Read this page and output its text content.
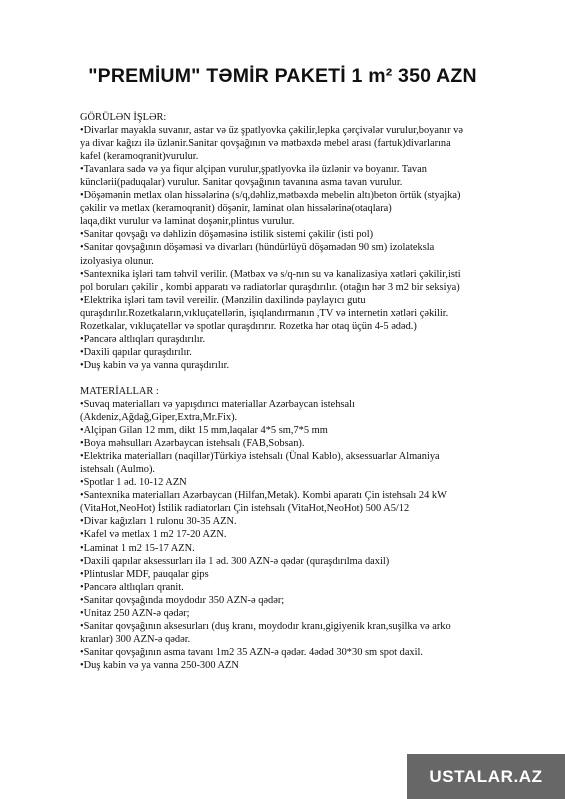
"PREMİUM" TƏMİR PAKETİ 1 m² 350 AZN

GÖRÜLƏN İŞLƏR:

•Divarlar mayakla suvanır, astar və üz şpatlyovka çəkilir,lepka çərçivələr vurulur,boyanır və

ya divar kağızı ilə üzlənir.Sanitar qovşağının və mətbəxdə mebel arası (fartuk)divarlarına

kafel (keramoqranit)vurulur.

•Tavanlara sadə və ya fiqur alçipan vurulur,şpatlyovka ilə üzlənir və boyanır. Tavan

künclərii(paduqalar) vurulur. Sanitar qovşağının tavanına asma tavan vurulur.

•Döşəmənin metlax olan hissələrinə (s/q,dəhliz,mətbəxdə mebelin altı)beton örtük (styajka)

çəkilir və metlax (keramoqranit) döşənir, laminat olan hissələrinə(otaqlara)

laqa,dikt vurulur və laminat doşənir,plintus vurulur.

•Sanitar qovşağı və dəhlizin döşəməsinə istilik sistemi çəkilir (isti pol)

•Sanitar qovşağının döşəməsi və divarları (hündürlüyü döşəmədən 90 sm) izolateksla

izolyasiya olunur.

•Santexnika işləri tam təhvil verilir. (Mətbəx və s/q-nın su və kanalizasiya xətləri çəkilir,isti

pol boruları çəkilir , kombi apparatı və radiatorlar quraşdırılır. (otağın hər 3 m2 bir seksiya)

•Elektrika işləri tam təvil vereilir. (Mənzilin daxilində paylayıcı gutu

quraşdırılır.Rozetkaların,vıkluçatellərin, işıqlandırmanın ,TV və internetin xətləri çəkilir.

Rozetkalar, vıkluçatellər və spotlar quraşdırırır. Rozetka hər otaq üçün 4-5 ədəd.)

•Pəncərə altlıqları quraşdırılır.

•Daxili qapılar quraşdırılır.

•Duş kabin və ya vanna quraşdırılır.

MATERİALLAR :

•Suvaq materialları və yapışdırıcı materiallar Azərbaycan istehsalı

(Akdeniz,Ağdağ,Giper,Extra,Mr.Fix).

•Alçipan Gilan 12 mm, dikt 15 mm,laqalar 4*5 sm,7*5 mm

•Boya məhsulları Azərbaycan istehsalı (FAB,Sobsan).

•Elektrika materialları (naqillər)Türkiyə istehsalı (Ünal Kablo), aksessuarlar Almaniya

istehsalı (Aulmo).

•Spotlar 1 əd. 10-12 AZN

•Santexnika materialları Azərbaycan (Hilfan,Metak). Kombi aparatı Çin istehsalı 24 kW

(VitaHot,NeoHot) İstilik radiatorları Çin istehsalı (VitaHot,NeoHot) 500 A5/12

•Divar kağızları 1 rulonu 30-35 AZN.

•Kafel və metlax 1 m2 17-20 AZN.

•Laminat 1 m2 15-17 AZN.

•Daxili qapılar aksessurları ilə 1 əd. 300 AZN-ə qədər (quraşdırılma daxil)

•Plintuslar MDF, pauqalar gips

•Pəncərə altlıqları qranit.

•Sanitar qovşağında moydodır 350 AZN-ə qədər;

•Unitaz 250 AZN-ə qədər;

•Sanitar qovşağının aksesurları (duş kranı, moydodır kranı,gigiyenik kran,suşilka və arko

kranlar) 300 AZN-ə qədər.

•Sanitar qovşağının asma tavanı 1m2 35 AZN-ə qədər. 4ədəd 30*30 sm spot daxil.

•Duş kabin və ya vanna 250-300 AZN

USTALAR.AZ
